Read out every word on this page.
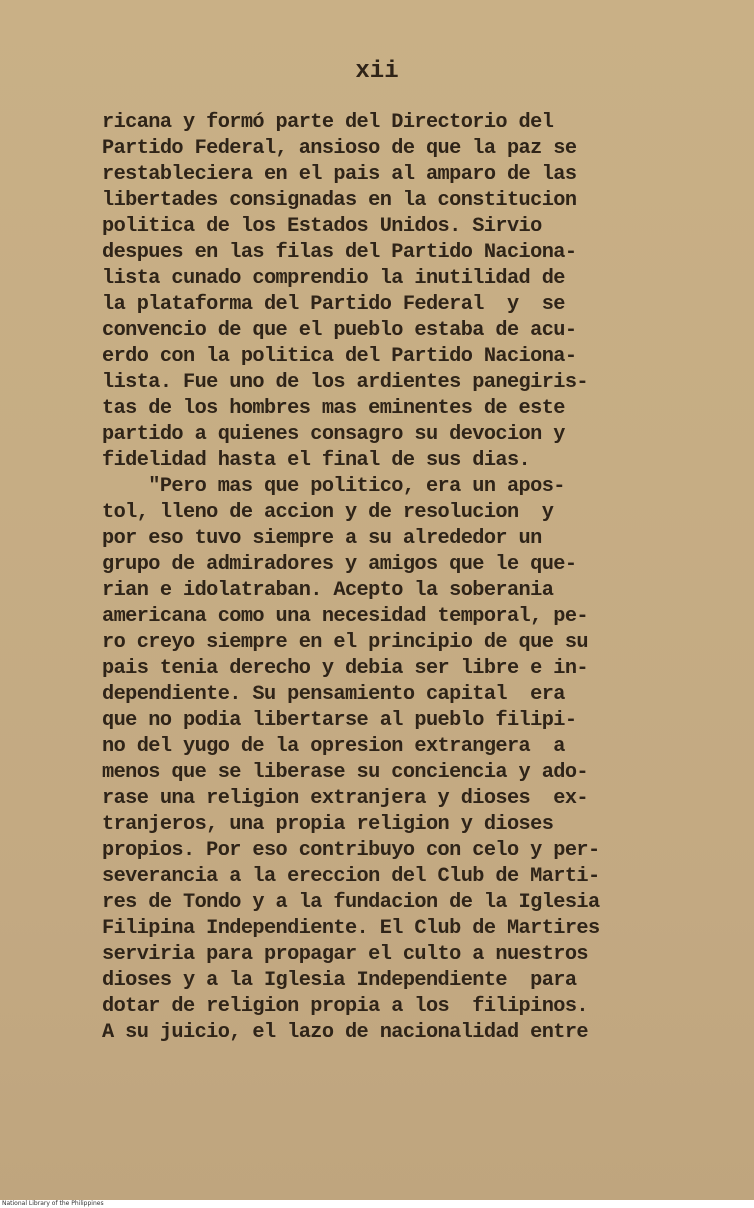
xii
ricana y formó parte del Directorio del
Partido Federal, ansioso de que la paz se
restableciera en el pais al amparo de las
libertades consignadas en la constitucion
politica de los Estados Unidos. Sirvio
despues en las filas del Partido Naciona-
lista cunado comprendio la inutilidad de
la plataforma del Partido Federal  y  se
convencio de que el pueblo estaba de acu-
erdo con la politica del Partido Naciona-
lista. Fue uno de los ardientes panegiris-
tas de los hombres mas eminentes de este
partido a quienes consagro su devocion y
fidelidad hasta el final de sus dias.
"Pero mas que politico, era un apos-
tol, lleno de accion y de resolucion  y
por eso tuvo siempre a su alrededor un
grupo de admiradores y amigos que le que-
rian e idolatraban. Acepto la soberania
americana como una necesidad temporal, pe-
ro creyo siempre en el principio de que su
pais tenia derecho y debia ser libre e in-
dependiente. Su pensamiento capital  era
que no podia libertarse al pueblo filipi-
no del yugo de la opresion extrangera  a
menos que se liberase su conciencia y ado-
rase una religion extranjera y dioses  ex-
tranjeros, una propia religion y dioses
propios. Por eso contribuyo con celo y per-
severancia a la ereccion del Club de Marti-
res de Tondo y a la fundacion de la Iglesia
Filipina Independiente. El Club de Martires
serviria para propagar el culto a nuestros
dioses y a la Iglesia Independiente  para
dotar de religion propia a los  filipinos.
A su juicio, el lazo de nacionalidad entre
National Library of the Philippines
